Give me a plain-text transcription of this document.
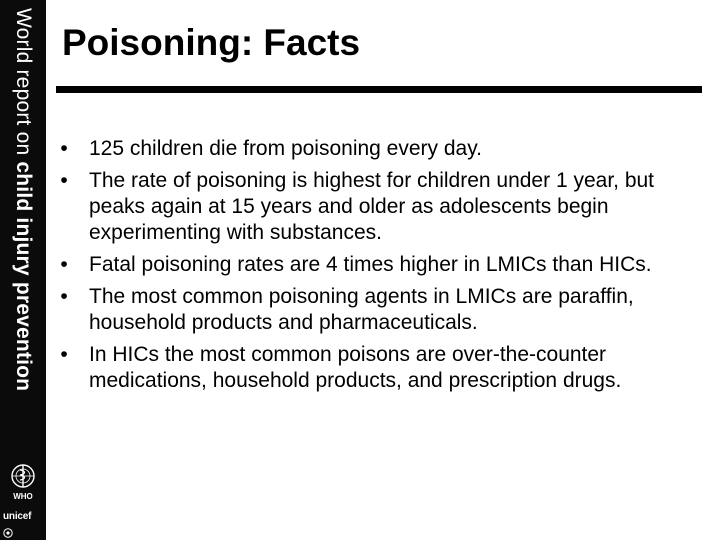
World report on child injury prevention
WHO
unicef
Poisoning: Facts
• 125 children die from poisoning every day.
• The rate of poisoning is highest for children under 1 year, but peaks again at 15 years and older as adolescents begin experimenting with substances.
• Fatal poisoning rates are 4 times higher in LMICs than HICs.
• The most common poisoning agents in LMICs are paraffin, household products and pharmaceuticals.
• In HICs the most common poisons are over-the-counter medications, household products, and prescription drugs.
